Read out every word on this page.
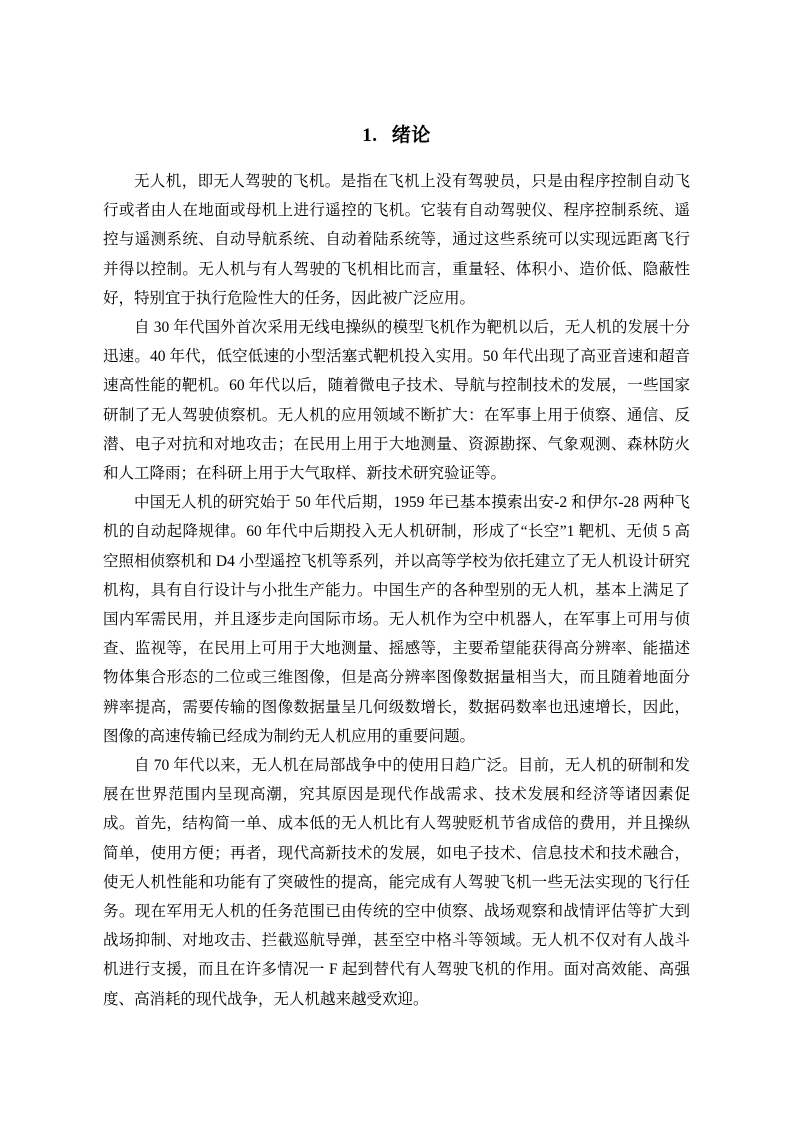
1. 绪论

无人机，即无人驾驶的飞机。是指在飞机上没有驾驶员，只是由程序控制自动飞行或者由人在地面或母机上进行遥控的飞机。它装有自动驾驶仪、程序控制系统、遥控与遥测系统、自动导航系统、自动着陆系统等，通过这些系统可以实现远距离飞行并得以控制。无人机与有人驾驶的飞机相比而言，重量轻、体积小、造价低、隐蔽性好，特别宜于执行危险性大的任务，因此被广泛应用。

自 30 年代国外首次采用无线电操纵的模型飞机作为靶机以后，无人机的发展十分迅速。40 年代，低空低速的小型活塞式靶机投入实用。50 年代出现了高亚音速和超音速高性能的靶机。60 年代以后，随着微电子技术、导航与控制技术的发展，一些国家研制了无人驾驶侦察机。无人机的应用领域不断扩大：在军事上用于侦察、通信、反潜、电子对抗和对地攻击；在民用上用于大地测量、资源勘探、气象观测、森林防火和人工降雨；在科研上用于大气取样、新技术研究验证等。

中国无人机的研究始于 50 年代后期，1959 年已基本摸索出安-2 和伊尔-28 两种飞机的自动起降规律。60 年代中后期投入无人机研制，形成了“长空”1 靶机、无侦 5 高空照相侦察机和 D4 小型遥控飞机等系列，并以高等学校为依托建立了无人机设计研究机构，具有自行设计与小批生产能力。中国生产的各种型别的无人机，基本上满足了国内军需民用，并且逐步走向国际市场。无人机作为空中机器人，在军事上可用与侦查、监视等，在民用上可用于大地测量、摇感等，主要希望能获得高分辨率、能描述物体集合形态的二位或三维图像，但是高分辨率图像数据量相当大，而且随着地面分辨率提高，需要传输的图像数据量呈几何级数增长，数据码数率也迅速增长，因此，图像的高速传输已经成为制约无人机应用的重要问题。

自 70 年代以来，无人机在局部战争中的使用日趋广泛。目前，无人机的研制和发展在世界范围内呈现高潮，究其原因是现代作战需求、技术发展和经济等诸因素促成。首先，结构简一单、成本低的无人机比有人驾驶贬机节省成倍的费用，并且操纵简单，使用方便；再者，现代高新技术的发展，如电子技术、信息技术和技术融合，使无人机性能和功能有了突破性的提高，能完成有人驾驶飞机一些无法实现的飞行任务。现在军用无人机的任务范围已由传统的空中侦察、战场观察和战情评估等扩大到战场抑制、对地攻击、拦截巡航导弹，甚至空中格斗等领域。无人机不仅对有人战斗机进行支援，而且在许多情况一 F 起到替代有人驾驶飞机的作用。面对高效能、高强度、高消耗的现代战争，无人机越来越受欢迎。
